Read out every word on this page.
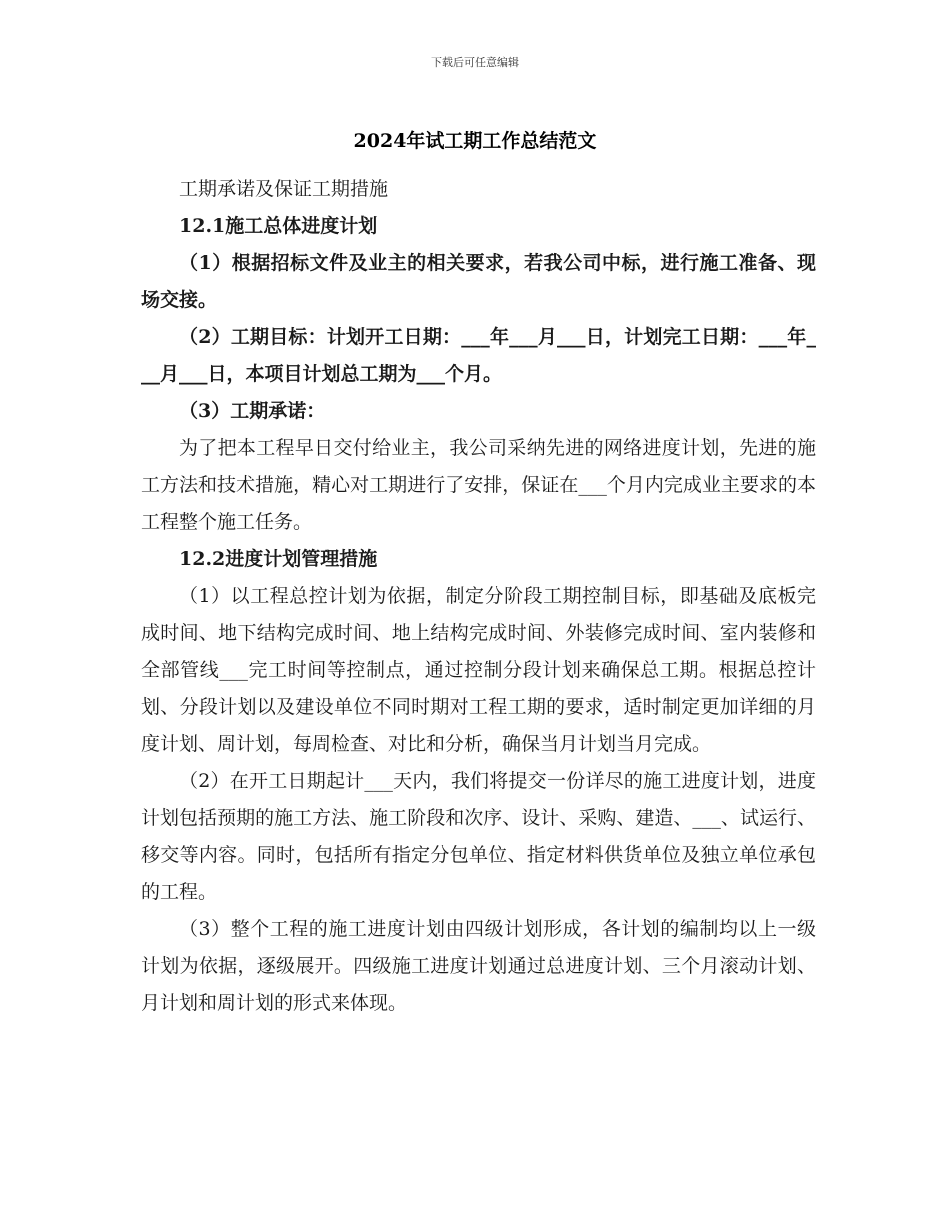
下载后可任意编辑
2024年试工期工作总结范文

工期承诺及保证工期措施

12.1施工总体进度计划

（1）根据招标文件及业主的相关要求，若我公司中标，进行施工准备、现场交接。

（2）工期目标：计划开工日期：___年___月___日，计划完工日期：___年___月___日，本项目计划总工期为___个月。

（3）工期承诺：

为了把本工程早日交付给业主，我公司采纳先进的网络进度计划，先进的施工方法和技术措施，精心对工期进行了安排，保证在___个月内完成业主要求的本工程整个施工任务。

12.2进度计划管理措施

（1）以工程总控计划为依据，制定分阶段工期控制目标，即基础及底板完成时间、地下结构完成时间、地上结构完成时间、外装修完成时间、室内装修和全部管线___完工时间等控制点，通过控制分段计划来确保总工期。根据总控计划、分段计划以及建设单位不同时期对工程工期的要求，适时制定更加详细的月度计划、周计划，每周检查、对比和分析，确保当月计划当月完成。

（2）在开工日期起计___天内，我们将提交一份详尽的施工进度计划，进度计划包括预期的施工方法、施工阶段和次序、设计、采购、建造、___、试运行、移交等内容。同时，包括所有指定分包单位、指定材料供货单位及独立单位承包的工程。

（3）整个工程的施工进度计划由四级计划形成，各计划的编制均以上一级计划为依据，逐级展开。四级施工进度计划通过总进度计划、三个月滚动计划、月计划和周计划的形式来体现。
